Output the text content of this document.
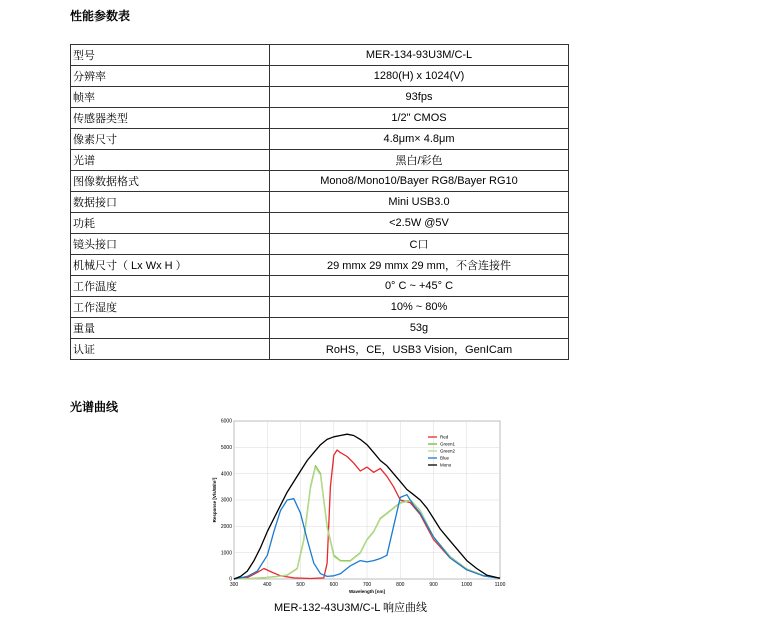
性能参数表
型号	MER-134-93U3M/C-L
分辨率	1280(H) x 1024(V)
帧率	93fps
传感器类型	1/2" CMOS
像素尺寸	4.8μm× 4.8μm
光谱	黑白/彩色
图像数据格式	Mono8/Mono10/Bayer RG8/Bayer RG10
数据接口	Mini USB3.0
功耗	<2.5W @5V
镜头接口	C口
机械尺寸（ Lx Wx H ）	29 mmx 29 mmx 29 mm，不含连接件
工作温度	0° C ~ +45° C
工作湿度	10% ~ 80%
重量	53g
认证	RoHS，CE，USB3 Vision，GenICam
光谱曲线
300	400	500	600	700	800	900	1000	1100
0
1000
2000
3000
4000
5000
6000
Wavelength [nm]
Response [V/s/W/m²]
Red
Green1
Green2
Blue
Mono
MER-132-43U3M/C-L 响应曲线
